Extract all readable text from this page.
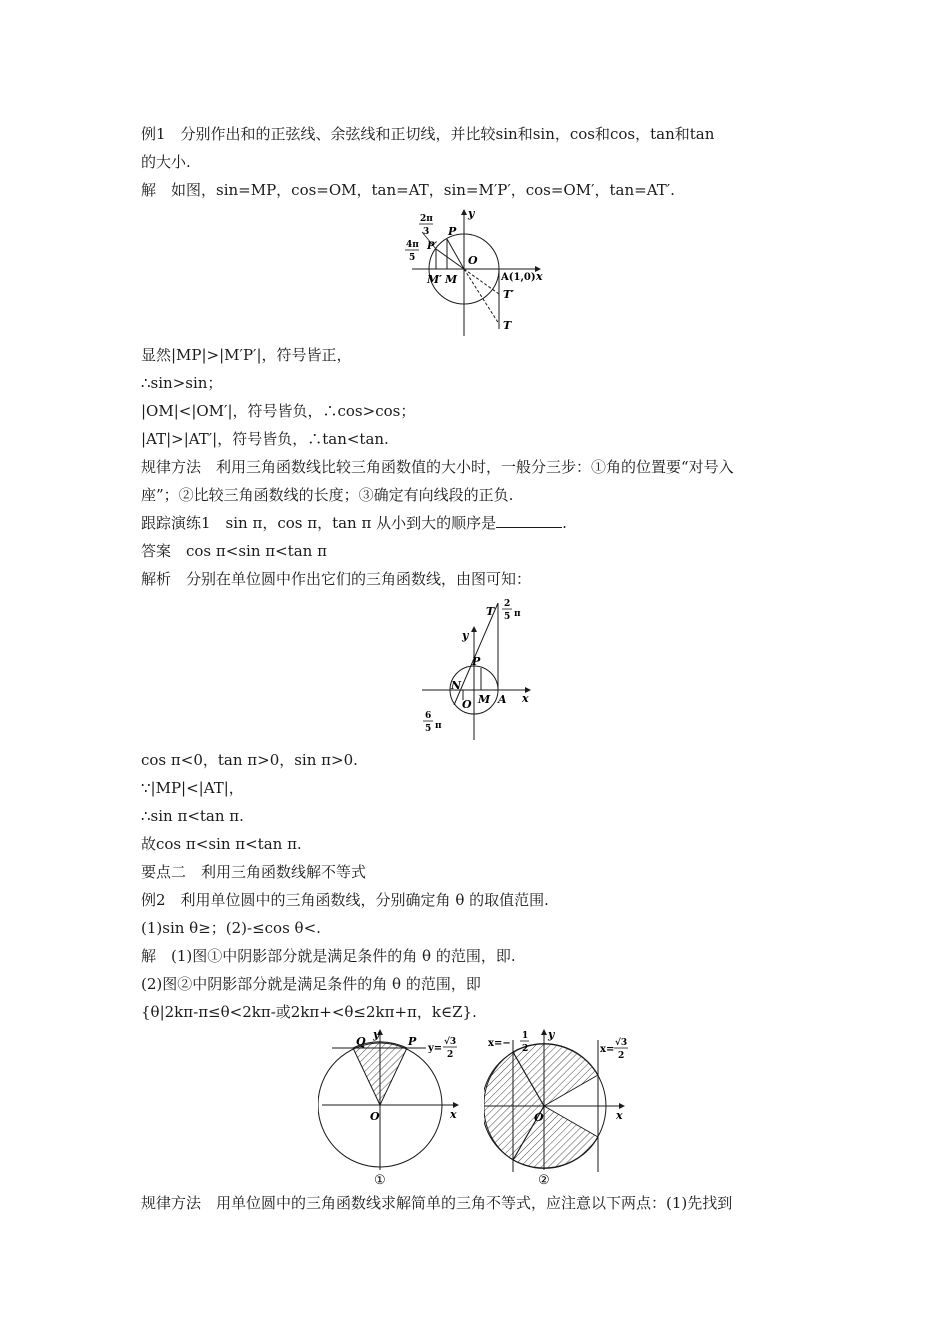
例1　分别作出和的正弦线、余弦线和正切线，并比较sin和sin，cos和cos，tan和tan
的大小.
解　如图，sin=MP，cos=OM，tan=AT，sin=M′P′，cos=OM′，tan=AT′.
y
x
O
P
P′
M
M′	A(1,0)
T
T′
2π
3
4π
5
显然|MP|>|M′P′|，符号皆正，
∴sin>sin；
|OM|<|OM′|，符号皆负，∴cos>cos；
|AT|>|AT′|，符号皆负，∴tan<tan.
规律方法　利用三角函数线比较三角函数值的大小时，一般分三步：①角的位置要“对号入
座”；②比较三角函数线的长度；③确定有向线段的正负.
跟踪演练1　sin π，cos π，tan π 从小到大的顺序是	.
答案　cos π<sin π<tan π
解析　分别在单位圆中作出它们的三角函数线，由图可知：
y
x
O
P
M
N
A
T
2
5 π
6
5 π
cos π<0，tan π>0，sin π>0.
∵|MP|<|AT|，
∴sin π<tan π.
故cos π<sin π<tan π.
要点二　利用三角函数线解不等式
例2　利用单位圆中的三角函数线，分别确定角 θ 的取值范围.
(1)sin θ≥；(2)-≤cos θ<.
解　(1)图①中阴影部分就是满足条件的角 θ 的范围，即.
(2)图②中阴影部分就是满足条件的角 θ 的范围，即
{θ|2kπ-π≤θ<2kπ-或2kπ+<θ≤2kπ+π，k∈Z}.
①
y
x
O
Q	P
y=
√3
2
②
y
x
O
x=−
1
2	x=
√3
2
规律方法　用单位圆中的三角函数线求解简单的三角不等式，应注意以下两点：(1)先找到
